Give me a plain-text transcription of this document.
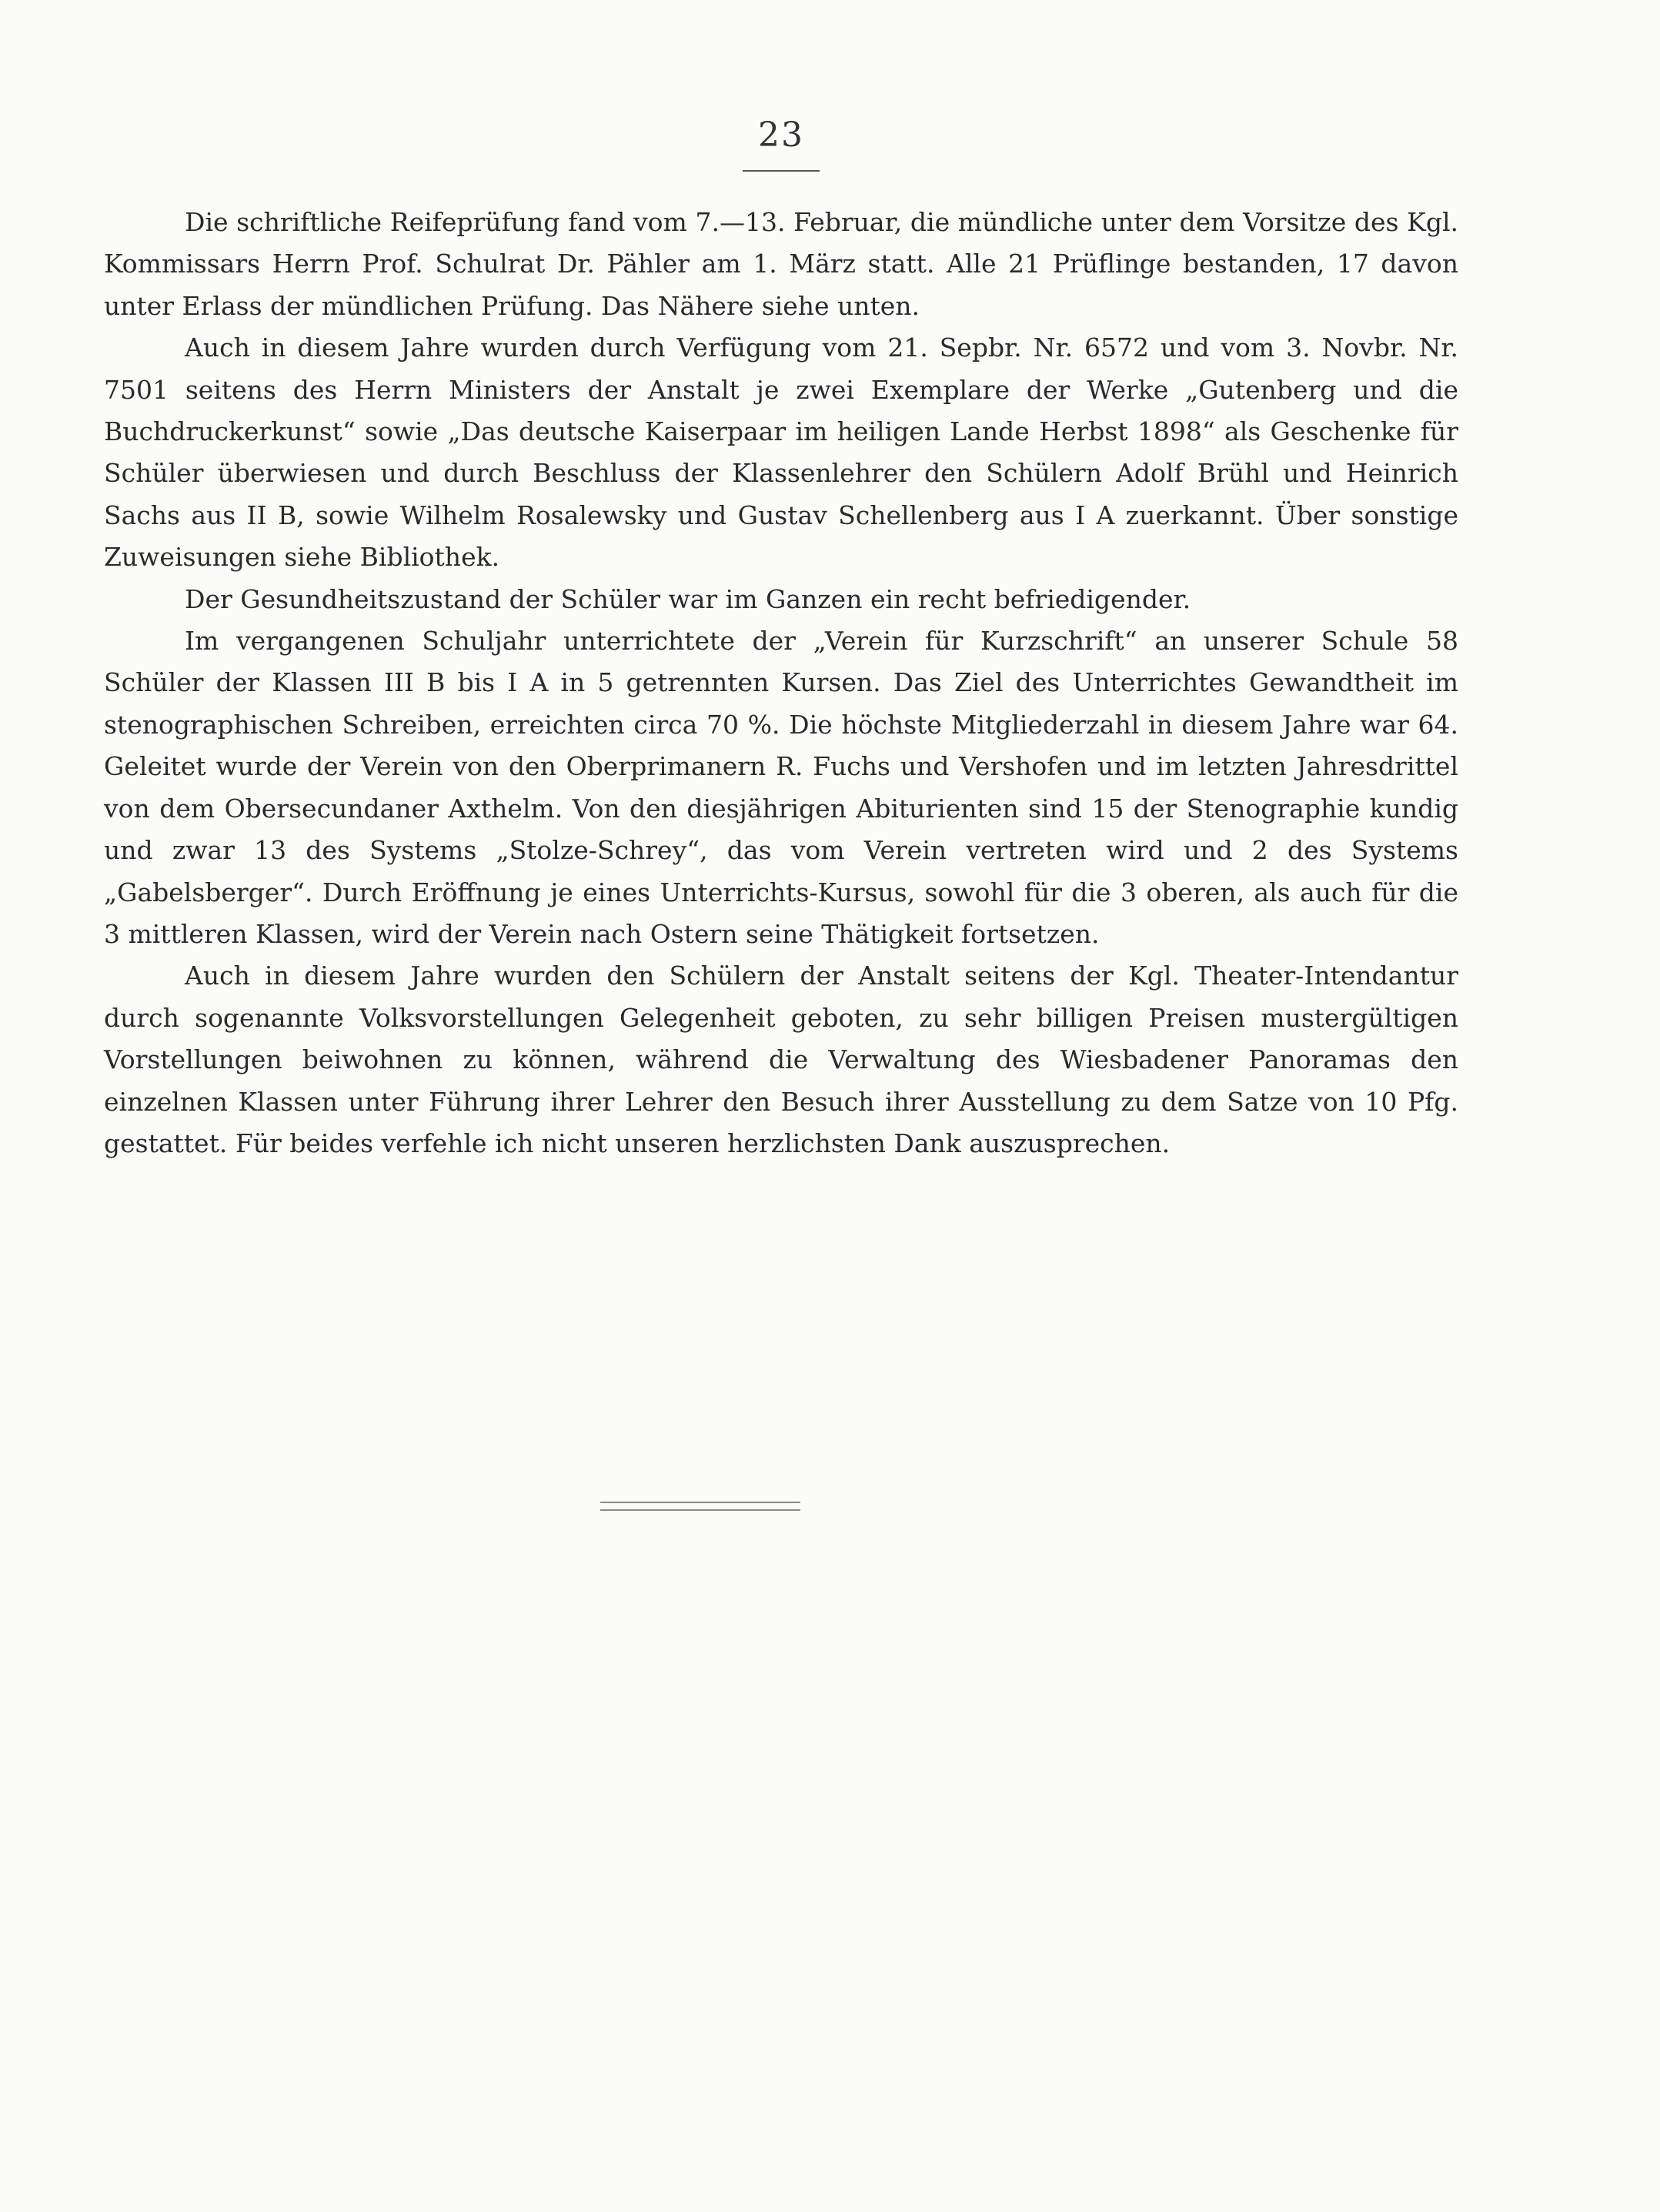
23

Die schriftliche Reifeprüfung fand vom 7.—13. Februar, die mündliche unter dem Vorsitze des Kgl. Kommissars Herrn Prof. Schulrat Dr. Pähler am 1. März statt. Alle 21 Prüflinge bestanden, 17 davon unter Erlass der mündlichen Prüfung. Das Nähere siehe unten.

Auch in diesem Jahre wurden durch Verfügung vom 21. Sepbr. Nr. 6572 und vom 3. Novbr. Nr. 7501 seitens des Herrn Ministers der Anstalt je zwei Exemplare der Werke „Gutenberg und die Buchdruckerkunst“ sowie „Das deutsche Kaiserpaar im heiligen Lande Herbst 1898“ als Geschenke für Schüler überwiesen und durch Beschluss der Klassenlehrer den Schülern Adolf Brühl und Heinrich Sachs aus II B, sowie Wilhelm Rosalewsky und Gustav Schellenberg aus I A zuerkannt. Über sonstige Zuweisungen siehe Bibliothek.

Der Gesundheitszustand der Schüler war im Ganzen ein recht befriedigender.

Im vergangenen Schuljahr unterrichtete der „Verein für Kurzschrift“ an unserer Schule 58 Schüler der Klassen III B bis I A in 5 getrennten Kursen. Das Ziel des Unterrichtes Gewandtheit im stenographischen Schreiben, erreichten circa 70 %. Die höchste Mitgliederzahl in diesem Jahre war 64. Geleitet wurde der Verein von den Oberprimanern R. Fuchs und Vershofen und im letzten Jahresdrittel von dem Obersecundaner Axthelm. Von den diesjährigen Abiturienten sind 15 der Stenographie kundig und zwar 13 des Systems „Stolze-Schrey“, das vom Verein vertreten wird und 2 des Systems „Gabelsberger“. Durch Eröffnung je eines Unterrichts-Kursus, sowohl für die 3 oberen, als auch für die 3 mittleren Klassen, wird der Verein nach Ostern seine Thätigkeit fortsetzen.

Auch in diesem Jahre wurden den Schülern der Anstalt seitens der Kgl. Theater-Intendantur durch sogenannte Volksvorstellungen Gelegenheit geboten, zu sehr billigen Preisen mustergültigen Vorstellungen beiwohnen zu können, während die Verwaltung des Wiesbadener Panoramas den einzelnen Klassen unter Führung ihrer Lehrer den Besuch ihrer Ausstellung zu dem Satze von 10 Pfg. gestattet. Für beides verfehle ich nicht unseren herzlichsten Dank auszusprechen.
